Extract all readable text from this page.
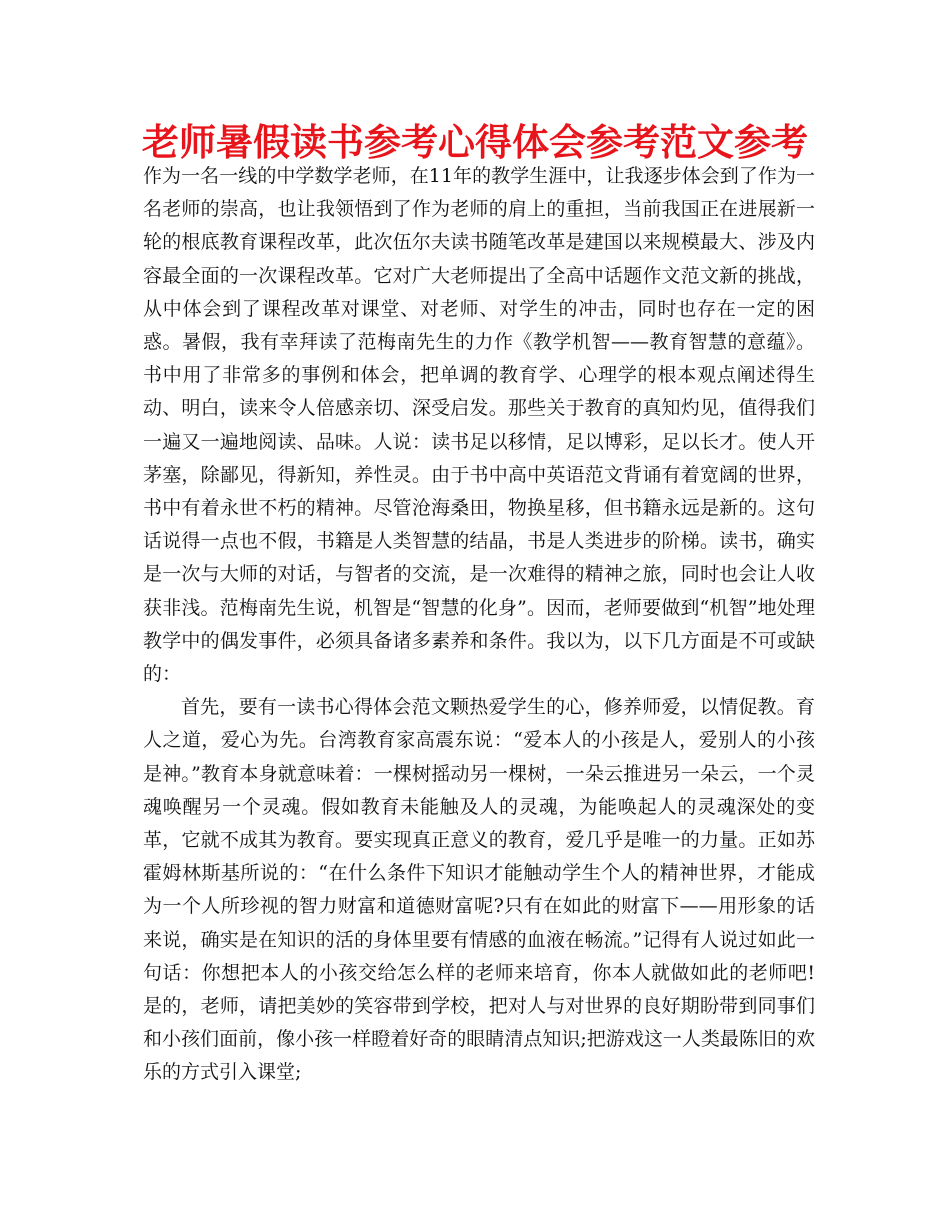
老师暑假读书参考心得体会参考范文参考

作为一名一线的中学数学老师，在11年的教学生涯中，让我逐步体会到了作为一名老师的崇高，也让我领悟到了作为老师的肩上的重担，当前我国正在进展新一轮的根底教育课程改革，此次伍尔夫读书随笔改革是建国以来规模最大、涉及内容最全面的一次课程改革。它对广大老师提出了全高中话题作文范文新的挑战，从中体会到了课程改革对课堂、对老师、对学生的冲击，同时也存在一定的困惑。暑假，我有幸拜读了范梅南先生的力作《教学机智——教育智慧的意蕴》。书中用了非常多的事例和体会，把单调的教育学、心理学的根本观点阐述得生动、明白，读来令人倍感亲切、深受启发。那些关于教育的真知灼见，值得我们一遍又一遍地阅读、品味。人说：读书足以移情，足以博彩，足以长才。使人开茅塞，除鄙见，得新知，养性灵。由于书中高中英语范文背诵有着宽阔的世界，书中有着永世不朽的精神。尽管沧海桑田，物换星移，但书籍永远是新的。这句话说得一点也不假，书籍是人类智慧的结晶，书是人类进步的阶梯。读书，确实是一次与大师的对话，与智者的交流，是一次难得的精神之旅，同时也会让人收获非浅。范梅南先生说，机智是“智慧的化身”。因而，老师要做到“机智”地处理教学中的偶发事件，必须具备诸多素养和条件。我以为，以下几方面是不可或缺的：

首先，要有一读书心得体会范文颗热爱学生的心，修养师爱，以情促教。育人之道，爱心为先。台湾教育家高震东说：“爱本人的小孩是人，爱别人的小孩是神。”教育本身就意味着：一棵树摇动另一棵树，一朵云推进另一朵云，一个灵魂唤醒另一个灵魂。假如教育未能触及人的灵魂，为能唤起人的灵魂深处的变革，它就不成其为教育。要实现真正意义的教育，爱几乎是唯一的力量。正如苏霍姆林斯基所说的：“在什么条件下知识才能触动学生个人的精神世界，才能成为一个人所珍视的智力财富和道德财富呢?只有在如此的财富下——用形象的话来说，确实是在知识的活的身体里要有情感的血液在畅流。”记得有人说过如此一句话：你想把本人的小孩交给怎么样的老师来培育，你本人就做如此的老师吧!是的，老师，请把美妙的笑容带到学校，把对人与对世界的良好期盼带到同事们和小孩们面前，像小孩一样瞪着好奇的眼睛清点知识;把游戏这一人类最陈旧的欢乐的方式引入课堂;
